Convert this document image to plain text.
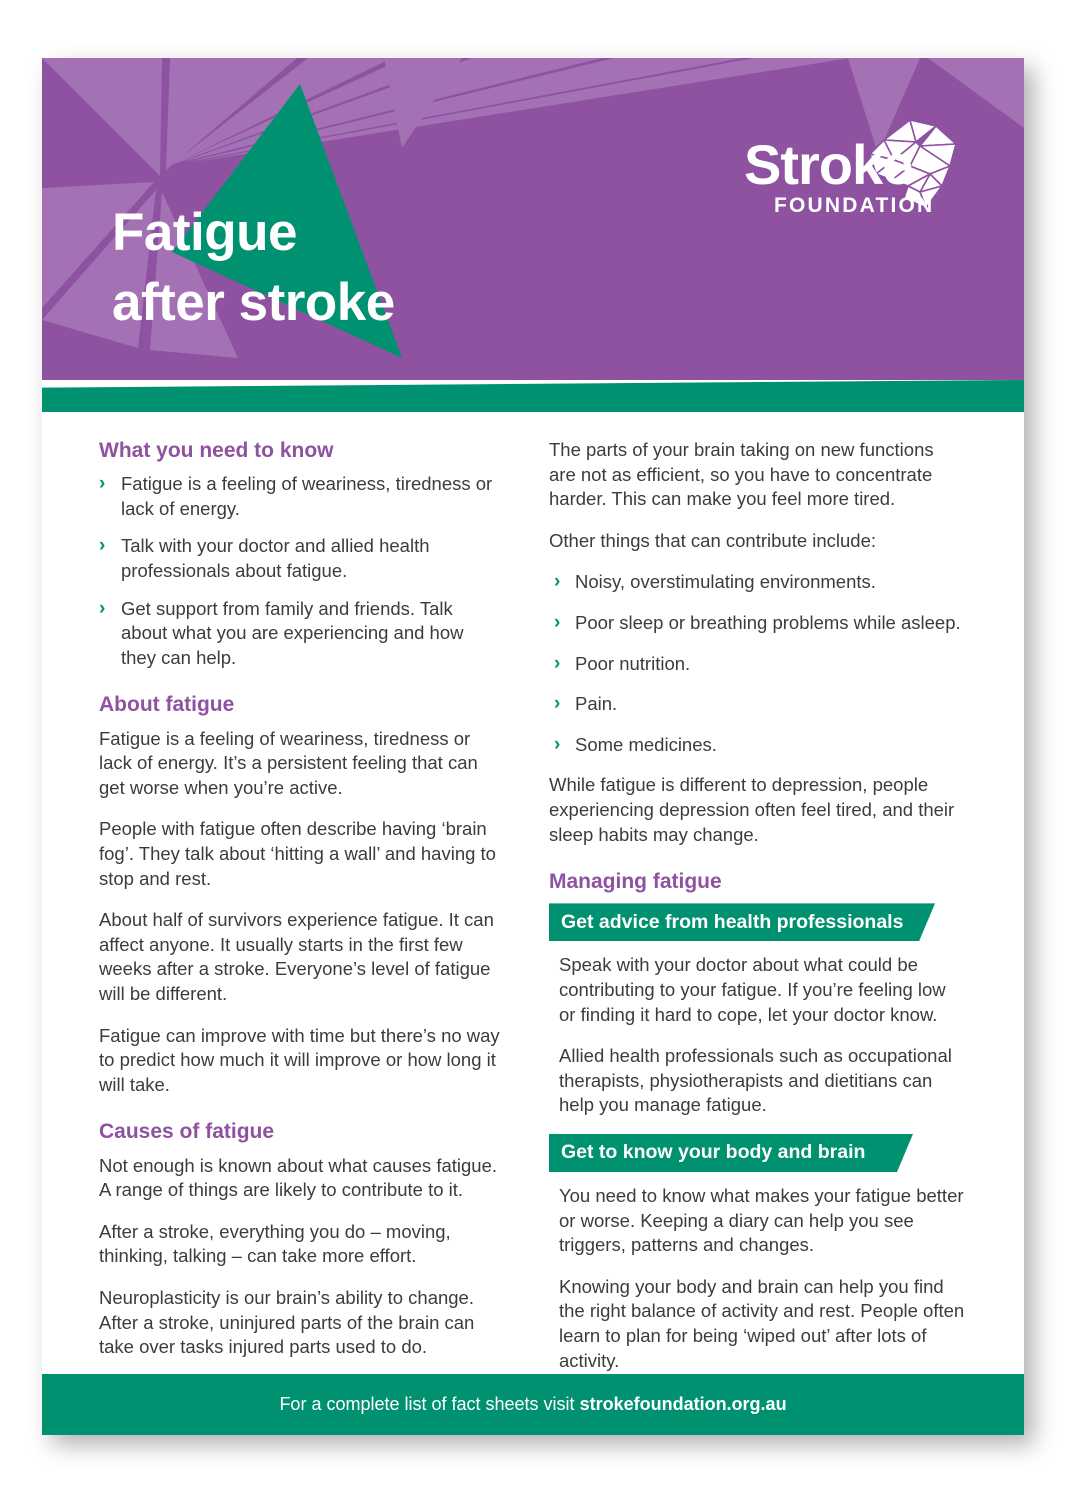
Stroke
FOUNDATION
Fatigue
after stroke
What you need to know
› Fatigue is a feeling of weariness, tiredness or lack of energy.
› Talk with your doctor and allied health professionals about fatigue.
› Get support from family and friends. Talk about what you are experiencing and how they can help.
About fatigue

Fatigue is a feeling of weariness, tiredness or lack of energy. It’s a persistent feeling that can get worse when you’re active.

People with fatigue often describe having ‘brain fog’. They talk about ‘hitting a wall’ and having to stop and rest.

About half of survivors experience fatigue. It can affect anyone. It usually starts in the first few weeks after a stroke. Everyone’s level of fatigue will be different.

Fatigue can improve with time but there’s no way to predict how much it will improve or how long it will take.

Causes of fatigue

Not enough is known about what causes fatigue. A range of things are likely to contribute to it.

After a stroke, everything you do – moving, thinking, talking – can take more effort.

Neuroplasticity is our brain’s ability to change. After a stroke, uninjured parts of the brain can take over tasks injured parts used to do.

The parts of your brain taking on new functions are not as efficient, so you have to concentrate harder. This can make you feel more tired.

Other things that can contribute include:

› Noisy, overstimulating environments.
› Poor sleep or breathing problems while asleep.
› Poor nutrition.
› Pain.
› Some medicines.

While fatigue is different to depression, people experiencing depression often feel tired, and their sleep habits may change.

Managing fatigue
Get advice from health professionals

Speak with your doctor about what could be contributing to your fatigue. If you’re feeling low or finding it hard to cope, let your doctor know.

Allied health professionals such as occupational therapists, physiotherapists and dietitians can help you manage fatigue.

Get to know your body and brain

You need to know what makes your fatigue better or worse. Keeping a diary can help you see triggers, patterns and changes.

Knowing your body and brain can help you find the right balance of activity and rest. People often learn to plan for being ‘wiped out’ after lots of activity.

For a complete list of fact sheets visit strokefoundation.org.au
